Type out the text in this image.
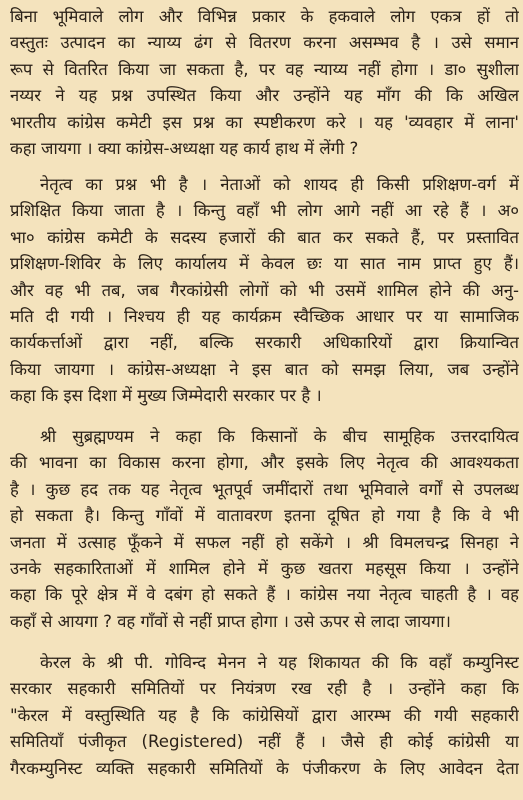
बिना भूमिवाले लोग और विभिन्न प्रकार के हकवाले लोग एकत्र हों तो
वस्तुतः उत्पादन का न्याय्य ढंग से वितरण करना असम्भव है । उसे समान
रूप से वितरित किया जा सकता है, पर वह न्याय्य नहीं होगा । डा० सुशीला
नय्यर ने यह प्रश्न उपस्थित किया और उन्होंने यह माँग की कि अखिल
भारतीय कांग्रेस कमेटी इस प्रश्न का स्पष्टीकरण करे । यह 'व्यवहार में लाना'
कहा जायगा । क्या कांग्रेस-अध्यक्षा यह कार्य हाथ में लेंगी ?
नेतृत्व का प्रश्न भी है । नेताओं को शायद ही किसी प्रशिक्षण-वर्ग में
प्रशिक्षित किया जाता है । किन्तु वहाँ भी लोग आगे नहीं आ रहे हैं । अ०
भा० कांग्रेस कमेटी के सदस्य हजारों की बात कर सकते हैं, पर प्रस्तावित
प्रशिक्षण-शिविर के लिए कार्यालय में केवल छः या सात नाम प्राप्त हुए हैं।
और वह भी तब, जब गैरकांग्रेसी लोगों को भी उसमें शामिल होने की अनु-
मति दी गयी । निश्चय ही यह कार्यक्रम स्वैच्छिक आधार पर या सामाजिक
कार्यकर्त्ताओं द्वारा नहीं, बल्कि सरकारी अधिकारियों द्वारा क्रियान्वित
किया जायगा । कांग्रेस-अध्यक्षा ने इस बात को समझ लिया, जब उन्होंने
कहा कि इस दिशा में मुख्य जिम्मेदारी सरकार पर है ।
श्री सुब्रह्मण्यम ने कहा कि किसानों के बीच सामूहिक उत्तरदायित्व
की भावना का विकास करना होगा, और इसके लिए नेतृत्व की आवश्यकता
है । कुछ हद तक यह नेतृत्व भूतपूर्व जमींदारों तथा भूमिवाले वर्गों से उपलब्ध
हो सकता है। किन्तु गाँवों में वातावरण इतना दूषित हो गया है कि वे भी
जनता में उत्साह फूँकने में सफल नहीं हो सकेंगे । श्री विमलचन्द्र सिनहा ने
उनके सहकारिताओं में शामिल होने में कुछ खतरा महसूस किया । उन्होंने
कहा कि पूरे क्षेत्र में वे दबंग हो सकते हैं । कांग्रेस नया नेतृत्व चाहती है । वह
कहाँ से आयगा ? वह गाँवों से नहीं प्राप्त होगा । उसे ऊपर से लादा जायगा।
केरल के श्री पी. गोविन्द मेनन ने यह शिकायत की कि वहाँ कम्युनिस्ट
सरकार सहकारी समितियों पर नियंत्रण रख रही है । उन्होंने कहा कि
"केरल में वस्तुस्थिति यह है कि कांग्रेसियों द्वारा आरम्भ की गयी सहकारी
समितियाँ पंजीकृत (Registered) नहीं हैं । जैसे ही कोई कांग्रेसी या
गैरकम्युनिस्ट व्यक्ति सहकारी समितियों के पंजीकरण के लिए आवेदन देता
